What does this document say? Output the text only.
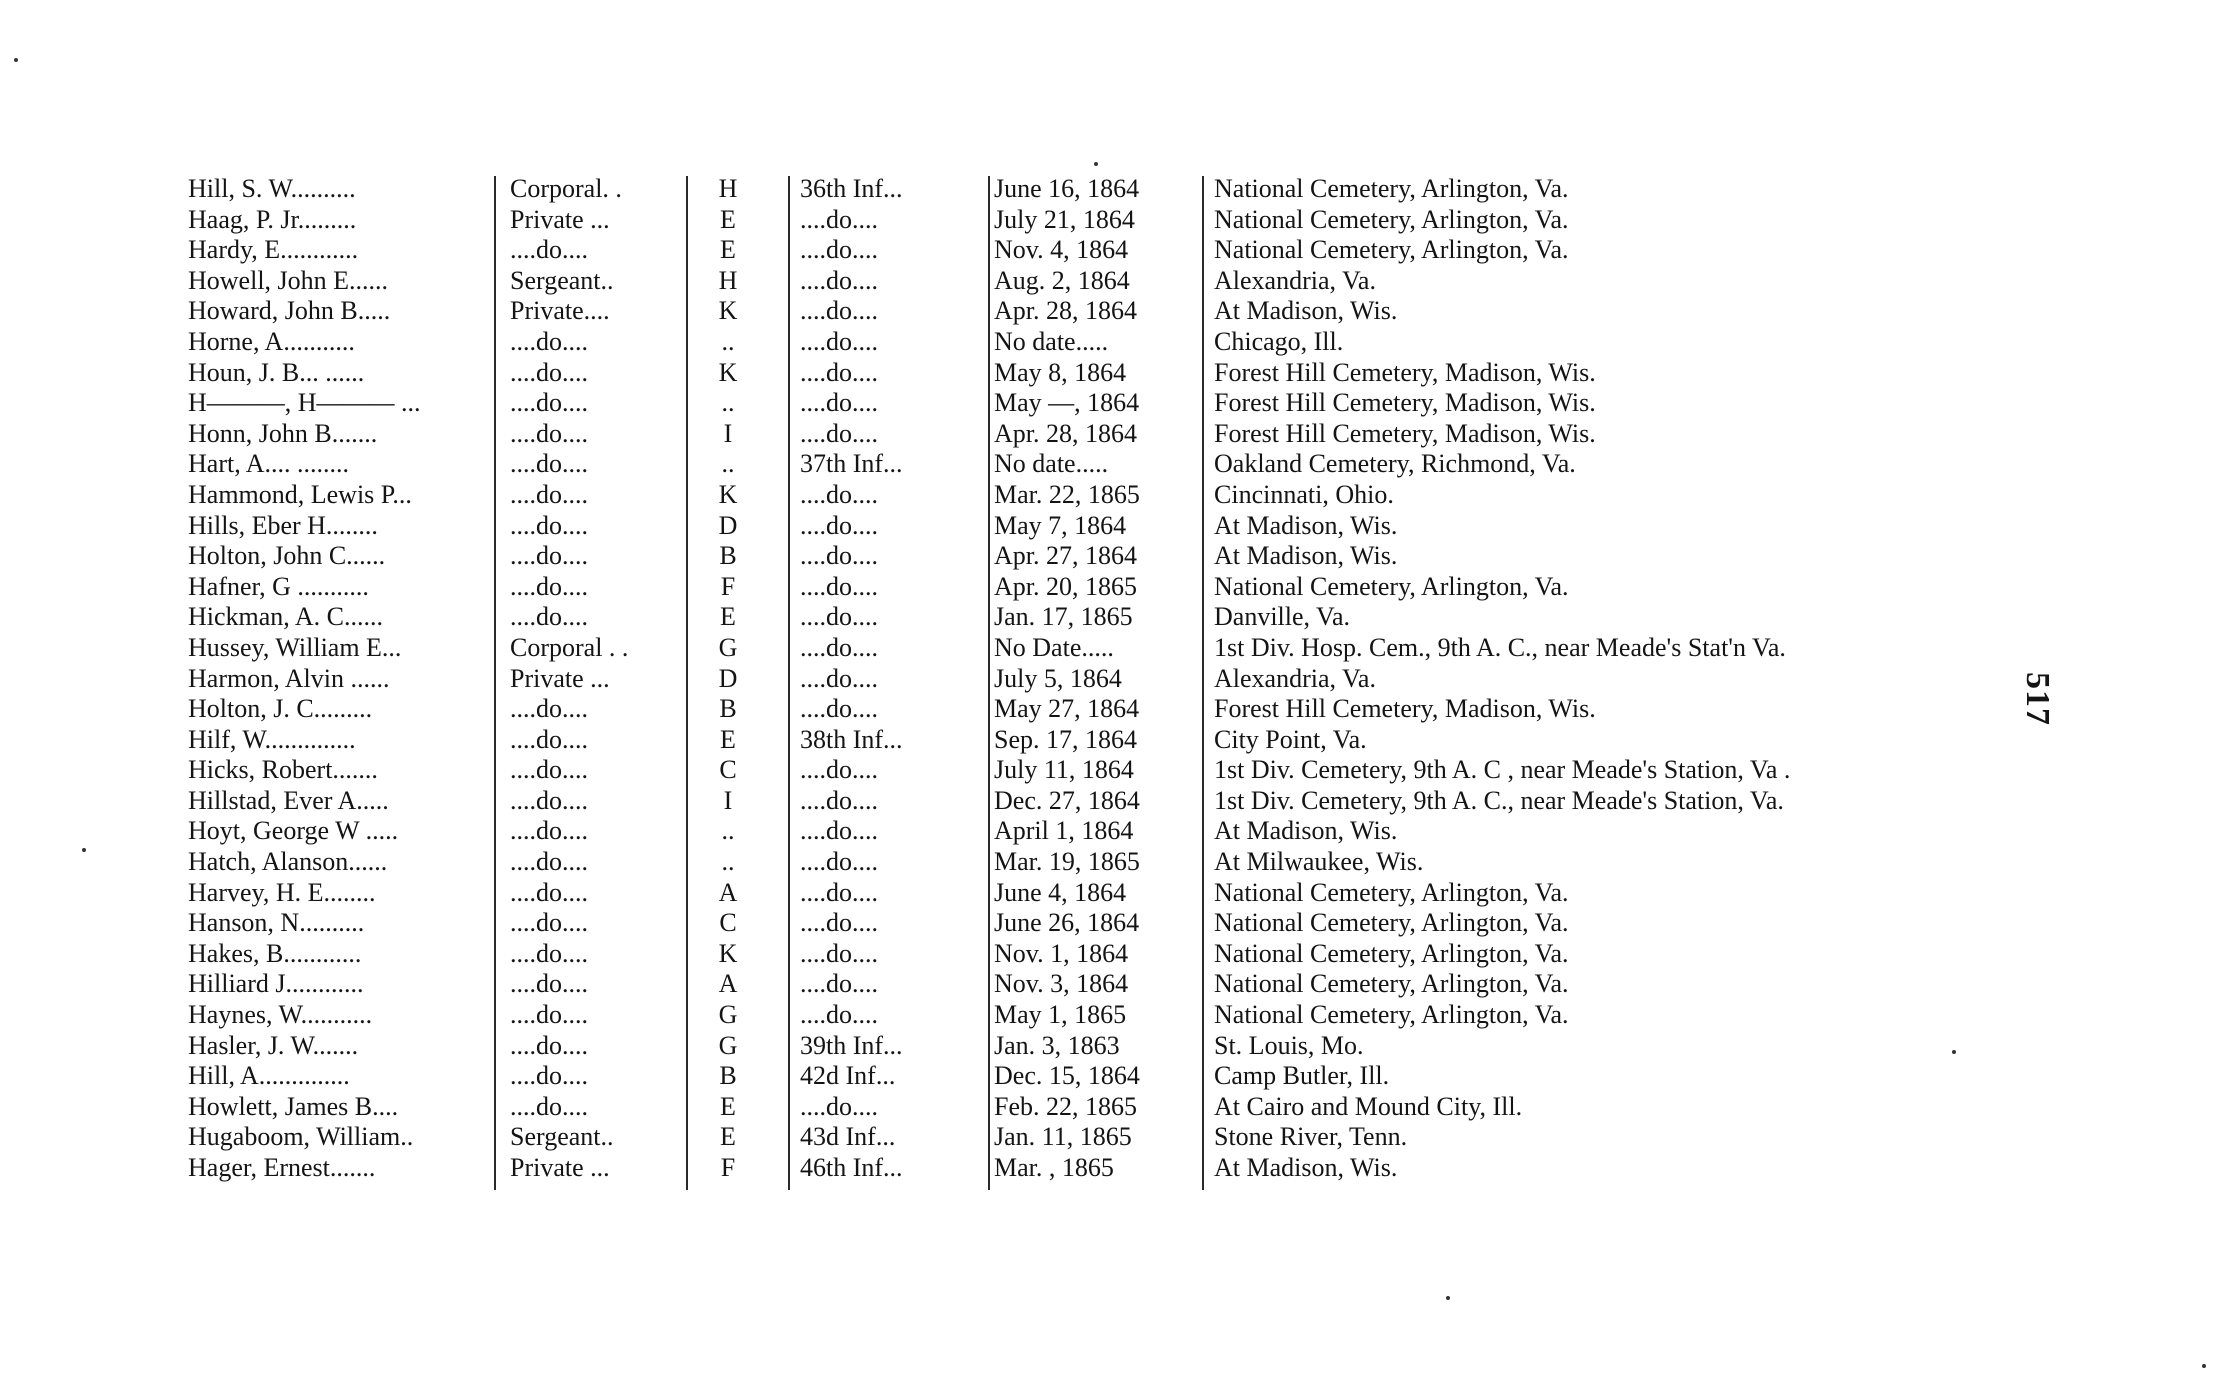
Hill, S. W..........	Corporal. .	H	36th Inf...	June 16, 1864	National Cemetery, Arlington, Va.
Haag, P. Jr.........	Private ...	E	....do....	July 21, 1864	National Cemetery, Arlington, Va.
Hardy, E............	....do....	E	....do....	Nov. 4, 1864	National Cemetery, Arlington, Va.
Howell, John E......	Sergeant..	H	....do....	Aug. 2, 1864	Alexandria, Va.
Howard, John B.....	Private....	K	....do....	Apr. 28, 1864	At Madison, Wis.
Horne, A...........	....do....	..	....do....	No date.....	Chicago, Ill.
Houn, J. B... ......	....do....	K	....do....	May 8, 1864	Forest Hill Cemetery, Madison, Wis.
H———, H——— ...	....do....	..	....do....	May —, 1864	Forest Hill Cemetery, Madison, Wis.
Honn, John B.......	....do....	I	....do....	Apr. 28, 1864	Forest Hill Cemetery, Madison, Wis.
Hart, A.... ........	....do....	..	37th Inf...	No date.....	Oakland Cemetery, Richmond, Va.
Hammond, Lewis P...	....do....	K	....do....	Mar. 22, 1865	Cincinnati, Ohio.
Hills, Eber H........	....do....	D	....do....	May 7, 1864	At Madison, Wis.
Holton, John C......	....do....	B	....do....	Apr. 27, 1864	At Madison, Wis.
Hafner, G ...........	....do....	F	....do....	Apr. 20, 1865	National Cemetery, Arlington, Va.
Hickman, A. C......	....do....	E	....do....	Jan. 17, 1865	Danville, Va.
Hussey, William E...	Corporal . .	G	....do....	No Date.....	1st Div. Hosp. Cem., 9th A. C., near Meade's Stat'n Va.
Harmon, Alvin ......	Private ...	D	....do....	July 5, 1864	Alexandria, Va.
Holton, J. C.........	....do....	B	....do....	May 27, 1864	Forest Hill Cemetery, Madison, Wis.
Hilf, W..............	....do....	E	38th Inf...	Sep. 17, 1864	City Point, Va.
Hicks, Robert.......	....do....	C	....do....	July 11, 1864	1st Div. Cemetery, 9th A. C , near Meade's Station, Va .
Hillstad, Ever A.....	....do....	I	....do....	Dec. 27, 1864	1st Div. Cemetery, 9th A. C., near Meade's Station, Va.
Hoyt, George W .....	....do....	..	....do....	April 1, 1864	At Madison, Wis.
Hatch, Alanson......	....do....	..	....do....	Mar. 19, 1865	At Milwaukee, Wis.
Harvey, H. E........	....do....	A	....do....	June 4, 1864	National Cemetery, Arlington, Va.
Hanson, N..........	....do....	C	....do....	June 26, 1864	National Cemetery, Arlington, Va.
Hakes, B............	....do....	K	....do....	Nov. 1, 1864	National Cemetery, Arlington, Va.
Hilliard J............	....do....	A	....do....	Nov. 3, 1864	National Cemetery, Arlington, Va.
Haynes, W...........	....do....	G	....do....	May 1, 1865	National Cemetery, Arlington, Va.
Hasler, J. W.......	....do....	G	39th Inf...	Jan. 3, 1863	St. Louis, Mo.
Hill, A..............	....do....	B	42d Inf...	Dec. 15, 1864	Camp Butler, Ill.
Howlett, James B....	....do....	E	....do....	Feb. 22, 1865	At Cairo and Mound City, Ill.
Hugaboom, William..	Sergeant..	E	43d Inf...	Jan. 11, 1865	Stone River, Tenn.
Hager, Ernest.......	Private ...	F	46th Inf...	Mar. , 1865	At Madison, Wis.
517
